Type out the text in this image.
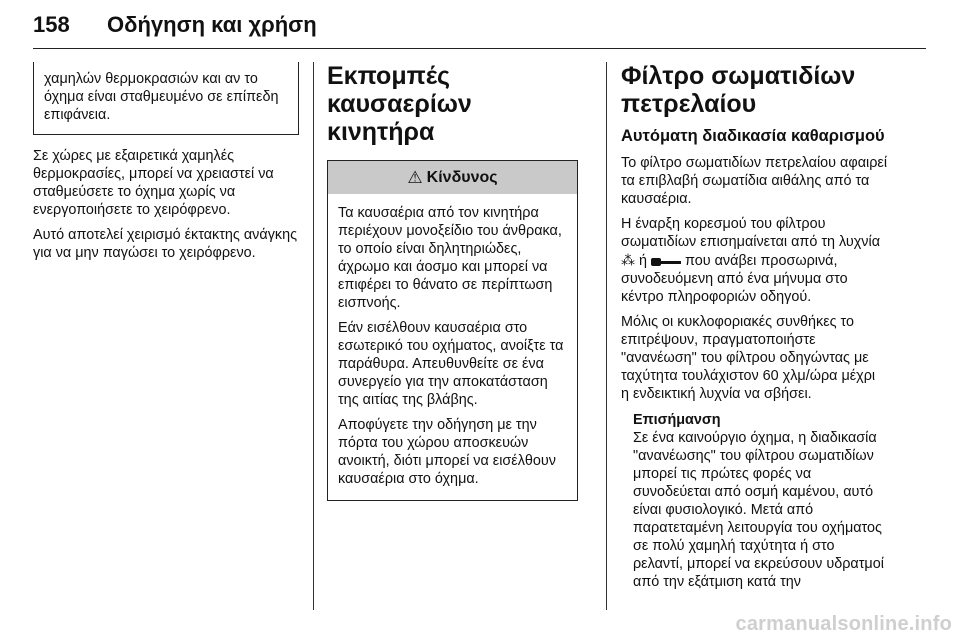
158 Οδήγηση και χρήση
χαμηλών θερμοκρασιών και αν το όχημα είναι σταθμευμένο σε επίπεδη επιφάνεια.

Σε χώρες με εξαιρετικά χαμηλές θερμοκρασίες, μπορεί να χρειαστεί να σταθμεύσετε το όχημα χωρίς να ενεργοποιήσετε το χειρόφρενο.

Αυτό αποτελεί χειρισμό έκτακτης ανάγκης για να μην παγώσει το χειρόφρενο.

Εκπομπές καυσαερίων κινητήρα
⚠ Κίνδυνος

Τα καυσαέρια από τον κινητήρα περιέχουν μονοξείδιο του άνθρακα, το οποίο είναι δηλητηριώδες, άχρωμο και άοσμο και μπορεί να επιφέρει το θάνατο σε περίπτωση εισπνοής.

Εάν εισέλθουν καυσαέρια στο εσωτερικό του οχήματος, ανοίξτε τα παράθυρα. Απευθυνθείτε σε ένα συνεργείο για την αποκατάσταση της αιτίας της βλάβης.

Αποφύγετε την οδήγηση με την πόρτα του χώρου αποσκευών ανοικτή, διότι μπορεί να εισέλθουν καυσαέρια στο όχημα.

Φίλτρο σωματιδίων πετρελαίου
Αυτόματη διαδικασία καθαρισμού

Το φίλτρο σωματιδίων πετρελαίου αφαιρεί τα επιβλαβή σωματίδια αιθάλης από τα καυσαέρια.

Η έναρξη κορεσμού του φίλτρου σωματιδίων επισημαίνεται από τη λυχνία ⁂ ή	που ανάβει προσωρινά, συνοδευόμενη από ένα μήνυμα στο κέντρο πληροφοριών οδηγού.

Μόλις οι κυκλοφοριακές συνθήκες το επιτρέψουν, πραγματοποιήστε "ανανέωση" του φίλτρου οδηγώντας με ταχύτητα τουλάχιστον 60 χλμ/ώρα μέχρι η ενδεικτική λυχνία να σβήσει.

Επισήμανση

Σε ένα καινούργιο όχημα, η διαδικασία "ανανέωσης" του φίλτρου σωματιδίων μπορεί τις πρώτες φορές να συνοδεύεται από οσμή καμένου, αυτό είναι φυσιολογικό. Μετά από παρατεταμένη λειτουργία του οχήματος σε πολύ χαμηλή ταχύτητα ή στο ρελαντί, μπορεί να εκρεύσουν υδρατμοί από την εξάτμιση κατά την

carmanualsonline.info
